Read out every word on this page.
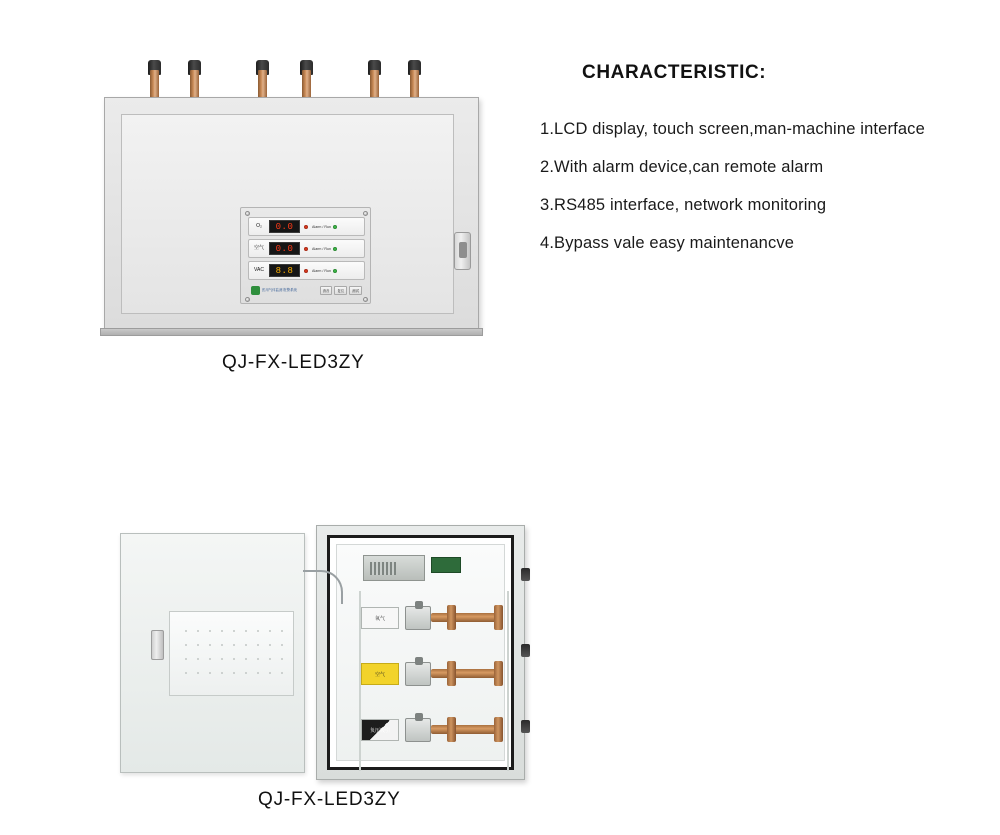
O₂	0.0	Alarm / Run
空气	0.0	Alarm / Run
VAC	8.8	Alarm / Run
医用气体监测 报警系统	消音	复位	测试
QJ-FX-LED3ZY
CHARACTERISTIC:
1.LCD display, touch screen,man-machine interface
2.With alarm device,can remote alarm
3.RS485 interface, network monitoring
4.Bypass vale easy maintenancve
氧气
空气
负压吸引
QJ-FX-LED3ZY
